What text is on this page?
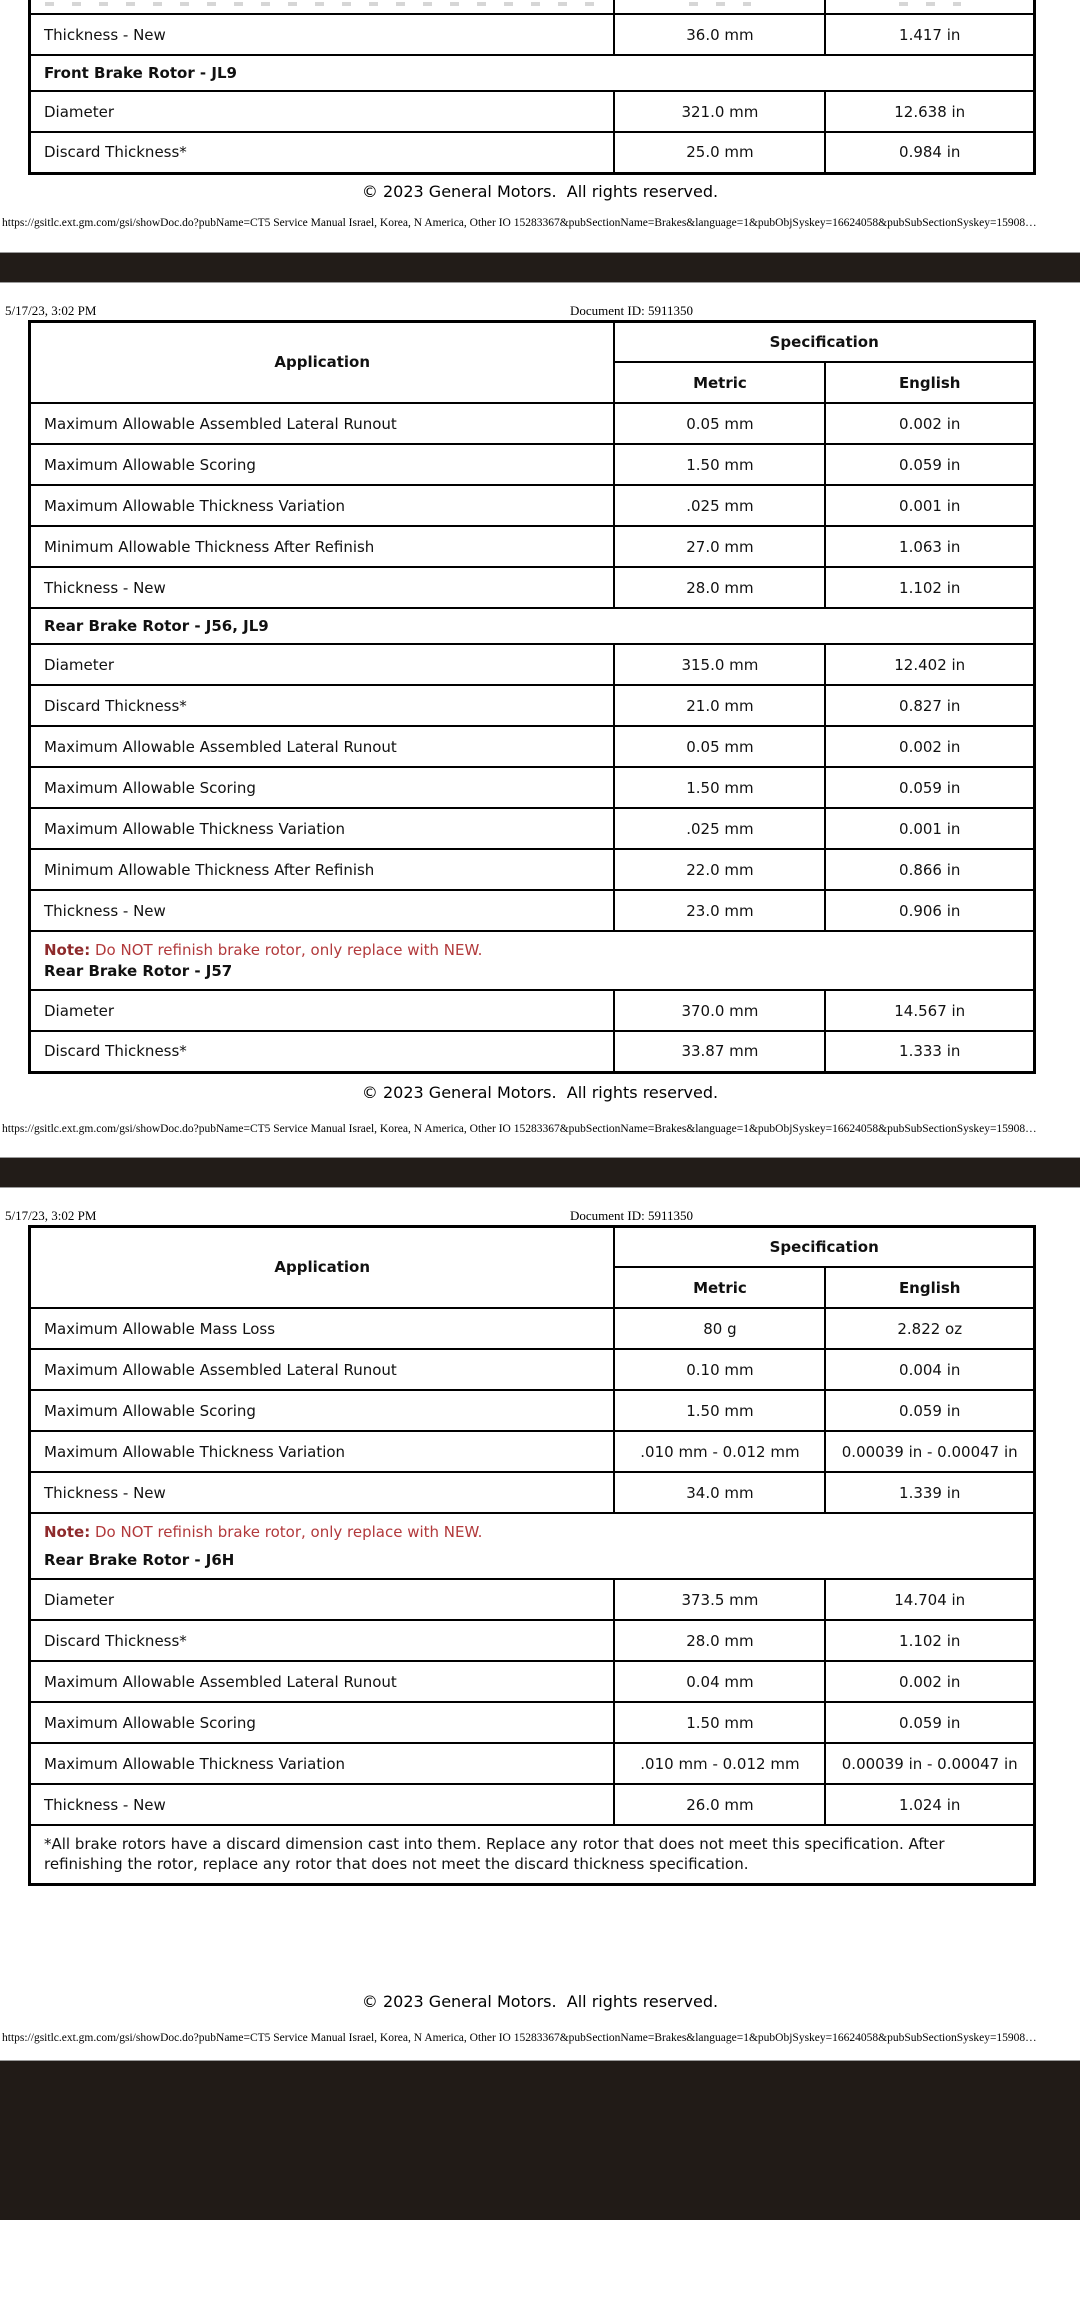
Thickness - New	36.0 mm	1.417 in
Front Brake Rotor - JL9		
Diameter	321.0 mm	12.638 in
Discard Thickness*	25.0 mm	0.984 in
© 2023 General Motors.  All rights reserved.
https://gsitlc.ext.gm.com/gsi/showDoc.do?pubName=CT5 Service Manual Israel, Korea, N America, Other IO 15283367&pubSectionName=Brakes&language=1&pubObjSyskey=16624058&pubSubSectionSyskey=15908…
5/17/23, 3:02 PM	Document ID: 5911350
Application	Specification	
	Metric	English
Maximum Allowable Assembled Lateral Runout	0.05 mm	0.002 in
Maximum Allowable Scoring	1.50 mm	0.059 in
Maximum Allowable Thickness Variation	.025 mm	0.001 in
Minimum Allowable Thickness After Refinish	27.0 mm	1.063 in
Thickness - New	28.0 mm	1.102 in
Rear Brake Rotor - J56, JL9		
Diameter	315.0 mm	12.402 in
Discard Thickness*	21.0 mm	0.827 in
Maximum Allowable Assembled Lateral Runout	0.05 mm	0.002 in
Maximum Allowable Scoring	1.50 mm	0.059 in
Maximum Allowable Thickness Variation	.025 mm	0.001 in
Minimum Allowable Thickness After Refinish	22.0 mm	0.866 in
Thickness - New	23.0 mm	0.906 in

Note: Do NOT refinish brake rotor, only replace with NEW.
Rear Brake Rotor - J57		

Diameter	370.0 mm	14.567 in
Discard Thickness*	33.87 mm	1.333 in
© 2023 General Motors.  All rights reserved.
https://gsitlc.ext.gm.com/gsi/showDoc.do?pubName=CT5 Service Manual Israel, Korea, N America, Other IO 15283367&pubSectionName=Brakes&language=1&pubObjSyskey=16624058&pubSubSectionSyskey=15908…
5/17/23, 3:02 PM	Document ID: 5911350
Application	Specification	
	Metric	English
Maximum Allowable Mass Loss	80 g	2.822 oz
Maximum Allowable Assembled Lateral Runout	0.10 mm	0.004 in
Maximum Allowable Scoring	1.50 mm	0.059 in
Maximum Allowable Thickness Variation	.010 mm - 0.012 mm	0.00039 in - 0.00047 in
Thickness - New	34.0 mm	1.339 in

Note: Do NOT refinish brake rotor, only replace with NEW.
Rear Brake Rotor - J6H		

Diameter	373.5 mm	14.704 in
Discard Thickness*	28.0 mm	1.102 in
Maximum Allowable Assembled Lateral Runout	0.04 mm	0.002 in
Maximum Allowable Scoring	1.50 mm	0.059 in
Maximum Allowable Thickness Variation	.010 mm - 0.012 mm	0.00039 in - 0.00047 in
Thickness - New	26.0 mm	1.024 in
*All brake rotors have a discard dimension cast into them. Replace any rotor that does not meet this specification. After refinishing the rotor, replace any rotor that does not meet the discard thickness specification.		
© 2023 General Motors.  All rights reserved.
https://gsitlc.ext.gm.com/gsi/showDoc.do?pubName=CT5 Service Manual Israel, Korea, N America, Other IO 15283367&pubSectionName=Brakes&language=1&pubObjSyskey=16624058&pubSubSectionSyskey=15908…
